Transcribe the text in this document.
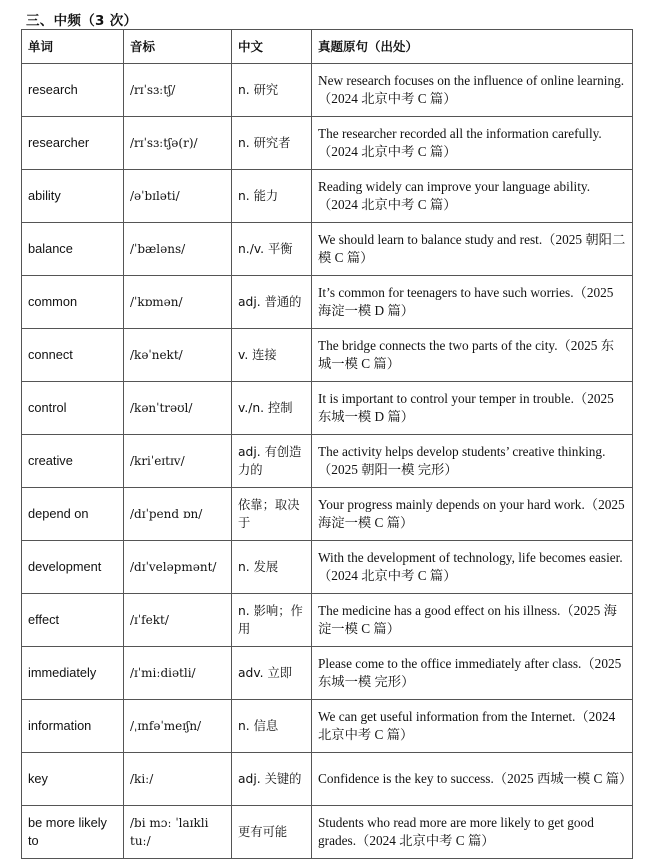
三、中频（3 次）
单词	音标	中文	真题原句（出处）
research	/rɪˈsɜːtʃ/	n. 研究	New research focuses on the influence of online learning.（2024 北京中考 C 篇）
researcher	/rɪˈsɜːtʃə(r)/	n. 研究者	The researcher recorded all the information carefully.（2024 北京中考 C 篇）
ability	/əˈbɪləti/	n. 能力	Reading widely can improve your language ability.（2024 北京中考 C 篇）
balance	/ˈbæləns/	n./v. 平衡	We should learn to balance study and rest.（2025 朝阳二模 C 篇）
common	/ˈkɒmən/	adj. 普通的	It’s common for teenagers to have such worries.（2025 海淀一模 D 篇）
connect	/kəˈnekt/	v. 连接	The bridge connects the two parts of the city.（2025 东城一模 C 篇）
control	/kənˈtrəʊl/	v./n. 控制	It is important to control your temper in trouble.（2025 东城一模 D 篇）
creative	/kriˈeɪtɪv/	adj. 有创造力的	The activity helps develop students’ creative thinking.（2025 朝阳一模 完形）
depend on	/dɪˈpend ɒn/	依靠；取决于	Your progress mainly depends on your hard work.（2025 海淀一模 C 篇）
development	/dɪˈveləpmənt/	n. 发展	With the development of technology, life becomes easier.（2024 北京中考 C 篇）
effect	/ɪˈfekt/	n. 影响；作用	The medicine has a good effect on his illness.（2025 海淀一模 C 篇）
immediately	/ɪˈmiːdiətli/	adv. 立即	Please come to the office immediately after class.（2025 东城一模 完形）
information	/ˌɪnfəˈmeɪʃn/	n. 信息	We can get useful information from the Internet.（2024 北京中考 C 篇）
key	/kiː/	adj. 关键的	Confidence is the key to success.（2025 西城一模 C 篇）
be more likely to	/bi mɔː ˈlaɪkli tuː/	更有可能	Students who read more are more likely to get good grades.（2024 北京中考 C 篇）
